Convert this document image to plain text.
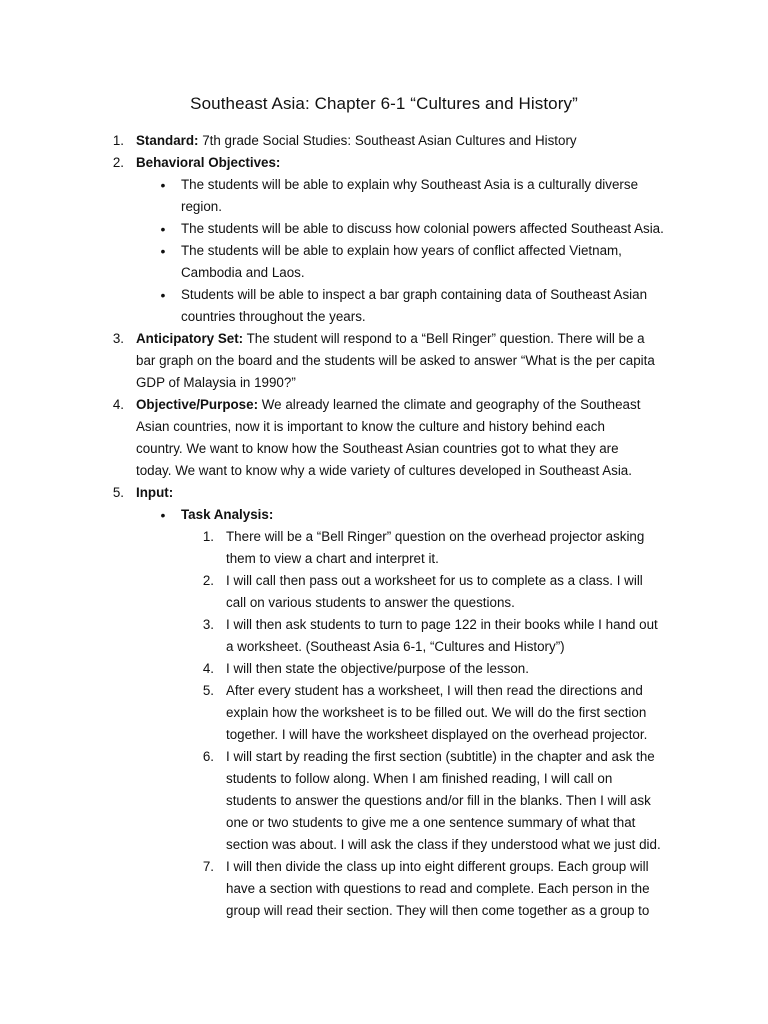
Southeast Asia: Chapter 6-1 “Cultures and History”
1. Standard: 7th grade Social Studies: Southeast Asian Cultures and History
2. Behavioral Objectives:
•	The students will be able to explain why Southeast Asia is a culturally diverse
region.
•	The students will be able to discuss how colonial powers affected Southeast Asia.
•	The students will be able to explain how years of conflict affected Vietnam,
Cambodia and Laos.
•	Students will be able to inspect a bar graph containing data of Southeast Asian
countries throughout the years.
3. Anticipatory Set: The student will respond to a “Bell Ringer” question. There will be a
bar graph on the board and the students will be asked to answer “What is the per capita
GDP of Malaysia in 1990?”
4. Objective/Purpose: We already learned the climate and geography of the Southeast
Asian countries, now it is important to know the culture and history behind each
country. We want to know how the Southeast Asian countries got to what they are
today. We want to know why a wide variety of cultures developed in Southeast Asia.
5. Input:
•	Task Analysis:
1. There will be a “Bell Ringer” question on the overhead projector asking
them to view a chart and interpret it.
2. I will call then pass out a worksheet for us to complete as a class. I will
call on various students to answer the questions.
3. I will then ask students to turn to page 122 in their books while I hand out
a worksheet. (Southeast Asia 6-1, “Cultures and History”)
4. I will then state the objective/purpose of the lesson.
5. After every student has a worksheet, I will then read the directions and
explain how the worksheet is to be filled out. We will do the first section
together. I will have the worksheet displayed on the overhead projector.
6. I will start by reading the first section (subtitle) in the chapter and ask the
students to follow along. When I am finished reading, I will call on
students to answer the questions and/or fill in the blanks. Then I will ask
one or two students to give me a one sentence summary of what that
section was about. I will ask the class if they understood what we just did.
7. I will then divide the class up into eight different groups. Each group will
have a section with questions to read and complete. Each person in the
group will read their section. They will then come together as a group to
